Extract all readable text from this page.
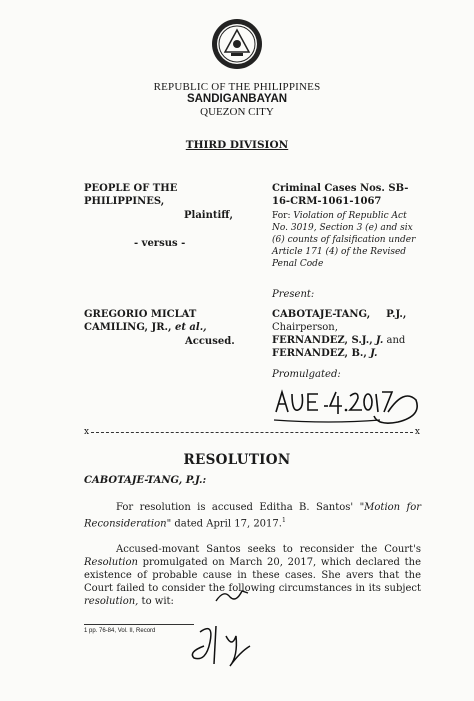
REPUBLIC OF THE PHILIPPINES
SANDIGANBAYAN
QUEZON CITY
THIRD DIVISION
PEOPLE OF THE PHILIPPINES,
Plaintiff,
- versus -
GREGORIO MICLAT CAMILING, JR., et al.,
Accused.
Criminal Cases Nos. SB-16-CRM-1061-1067
For: Violation of Republic Act No. 3019, Section 3 (e) and six (6) counts of falsification under Article 171 (4) of the Revised Penal Code
Present:
CABOTAJE-TANG, P.J.,
Chairperson,
FERNANDEZ, S.J., J. and
FERNANDEZ, B., J.
Promulgated:
x	x
RESOLUTION
CABOTAJE-TANG, P.J.:
For resolution is accused Editha B. Santos' "Motion for Reconsideration" dated April 17, 2017.$^1$
Accused-movant Santos seeks to reconsider the Court's Resolution promulgated on March 20, 2017, which declared the existence of probable cause in these cases. She avers that the Court failed to consider the following circumstances in its subject resolution, to wit:
1 pp. 76-84, Vol. II, Record
